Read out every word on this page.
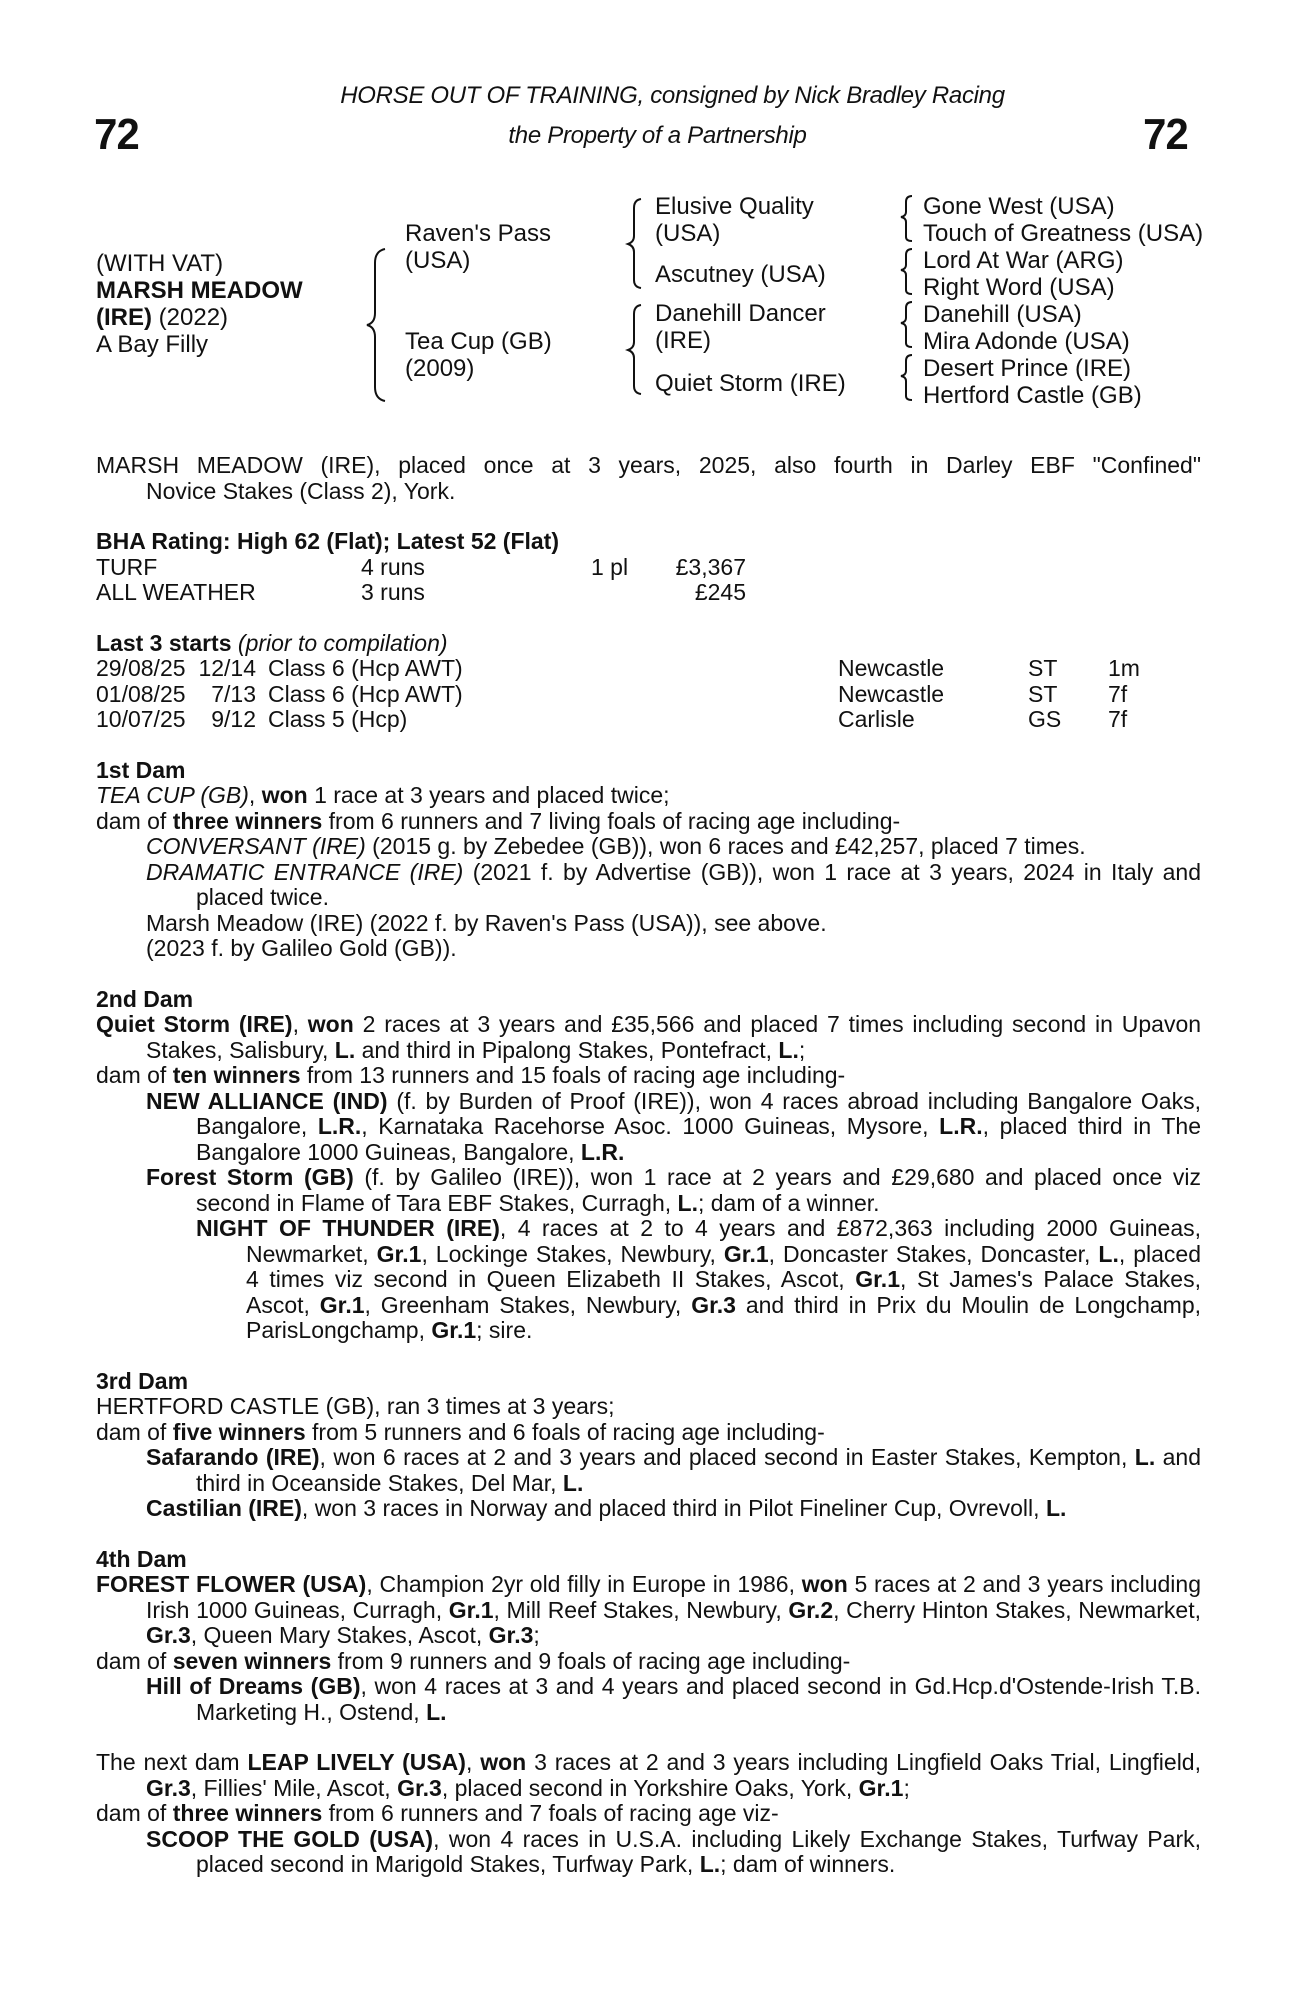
72	72
HORSE OUT OF TRAINING, consigned by Nick Bradley Racing
the Property of a Partnership
(WITH VAT)
MARSH MEADOW
(IRE) (2022)
A Bay Filly
Raven's Pass
(USA)
Tea Cup (GB)
(2009)
Elusive Quality
(USA)
Ascutney (USA)
Danehill Dancer
(IRE)
Quiet Storm (IRE)
Gone West (USA)
Touch of Greatness (USA)
Lord At War (ARG)
Right Word (USA)
Danehill (USA)
Mira Adonde (USA)
Desert Prince (IRE)
Hertford Castle (GB)

MARSH MEADOW (IRE), placed once at 3 years, 2025, also fourth in Darley EBF "Confined"

Novice Stakes (Class 2), York.

BHA Rating: High 62 (Flat); Latest 52 (Flat)
TURF	4 runs	1 pl	£3,367
ALL WEATHER	3 runs	£245
Last 3 starts (prior to compilation)
29/08/25 12/14 Class 6 (Hcp AWT)	Newcastle	ST	1m
01/08/25	7/13 Class 6 (Hcp AWT)	Newcastle	ST	7f
10/07/25	9/12 Class 5 (Hcp)	Carlisle	GS	7f
1st Dam

TEA CUP (GB), won 1 race at 3 years and placed twice;

dam of three winners from 6 runners and 7 living foals of racing age including-

CONVERSANT (IRE) (2015 g. by Zebedee (GB)), won 6 races and £42,257, placed 7 times.

DRAMATIC ENTRANCE (IRE) (2021 f. by Advertise (GB)), won 1 race at 3 years, 2024 in Italy and placed twice.

Marsh Meadow (IRE) (2022 f. by Raven's Pass (USA)), see above.

(2023 f. by Galileo Gold (GB)).

2nd Dam

Quiet Storm (IRE), won 2 races at 3 years and £35,566 and placed 7 times including second in Upavon Stakes, Salisbury, L. and third in Pipalong Stakes, Pontefract, L.;

dam of ten winners from 13 runners and 15 foals of racing age including-

NEW ALLIANCE (IND) (f. by Burden of Proof (IRE)), won 4 races abroad including Bangalore Oaks, Bangalore, L.R., Karnataka Racehorse Asoc. 1000 Guineas, Mysore, L.R., placed third in The Bangalore 1000 Guineas, Bangalore, L.R.

Forest Storm (GB) (f. by Galileo (IRE)), won 1 race at 2 years and £29,680 and placed once viz second in Flame of Tara EBF Stakes, Curragh, L.; dam of a winner.

NIGHT OF THUNDER (IRE), 4 races at 2 to 4 years and £872,363 including 2000 Guineas, Newmarket, Gr.1, Lockinge Stakes, Newbury, Gr.1, Doncaster Stakes, Doncaster, L., placed 4 times viz second in Queen Elizabeth II Stakes, Ascot, Gr.1, St James's Palace Stakes, Ascot, Gr.1, Greenham Stakes, Newbury, Gr.3 and third in Prix du Moulin de Longchamp, ParisLongchamp, Gr.1; sire.

3rd Dam

HERTFORD CASTLE (GB), ran 3 times at 3 years;

dam of five winners from 5 runners and 6 foals of racing age including-

Safarando (IRE), won 6 races at 2 and 3 years and placed second in Easter Stakes, Kempton, L. and third in Oceanside Stakes, Del Mar, L.

Castilian (IRE), won 3 races in Norway and placed third in Pilot Fineliner Cup, Ovrevoll, L.

4th Dam

FOREST FLOWER (USA), Champion 2yr old filly in Europe in 1986, won 5 races at 2 and 3 years including Irish 1000 Guineas, Curragh, Gr.1, Mill Reef Stakes, Newbury, Gr.2, Cherry Hinton Stakes, Newmarket, Gr.3, Queen Mary Stakes, Ascot, Gr.3;

dam of seven winners from 9 runners and 9 foals of racing age including-

Hill of Dreams (GB), won 4 races at 3 and 4 years and placed second in Gd.Hcp.d'Ostende-Irish T.B. Marketing H., Ostend, L.

The next dam LEAP LIVELY (USA), won 3 races at 2 and 3 years including Lingfield Oaks Trial, Lingfield, Gr.3, Fillies' Mile, Ascot, Gr.3, placed second in Yorkshire Oaks, York, Gr.1;

dam of three winners from 6 runners and 7 foals of racing age viz-

SCOOP THE GOLD (USA), won 4 races in U.S.A. including Likely Exchange Stakes, Turfway Park, placed second in Marigold Stakes, Turfway Park, L.; dam of winners.
